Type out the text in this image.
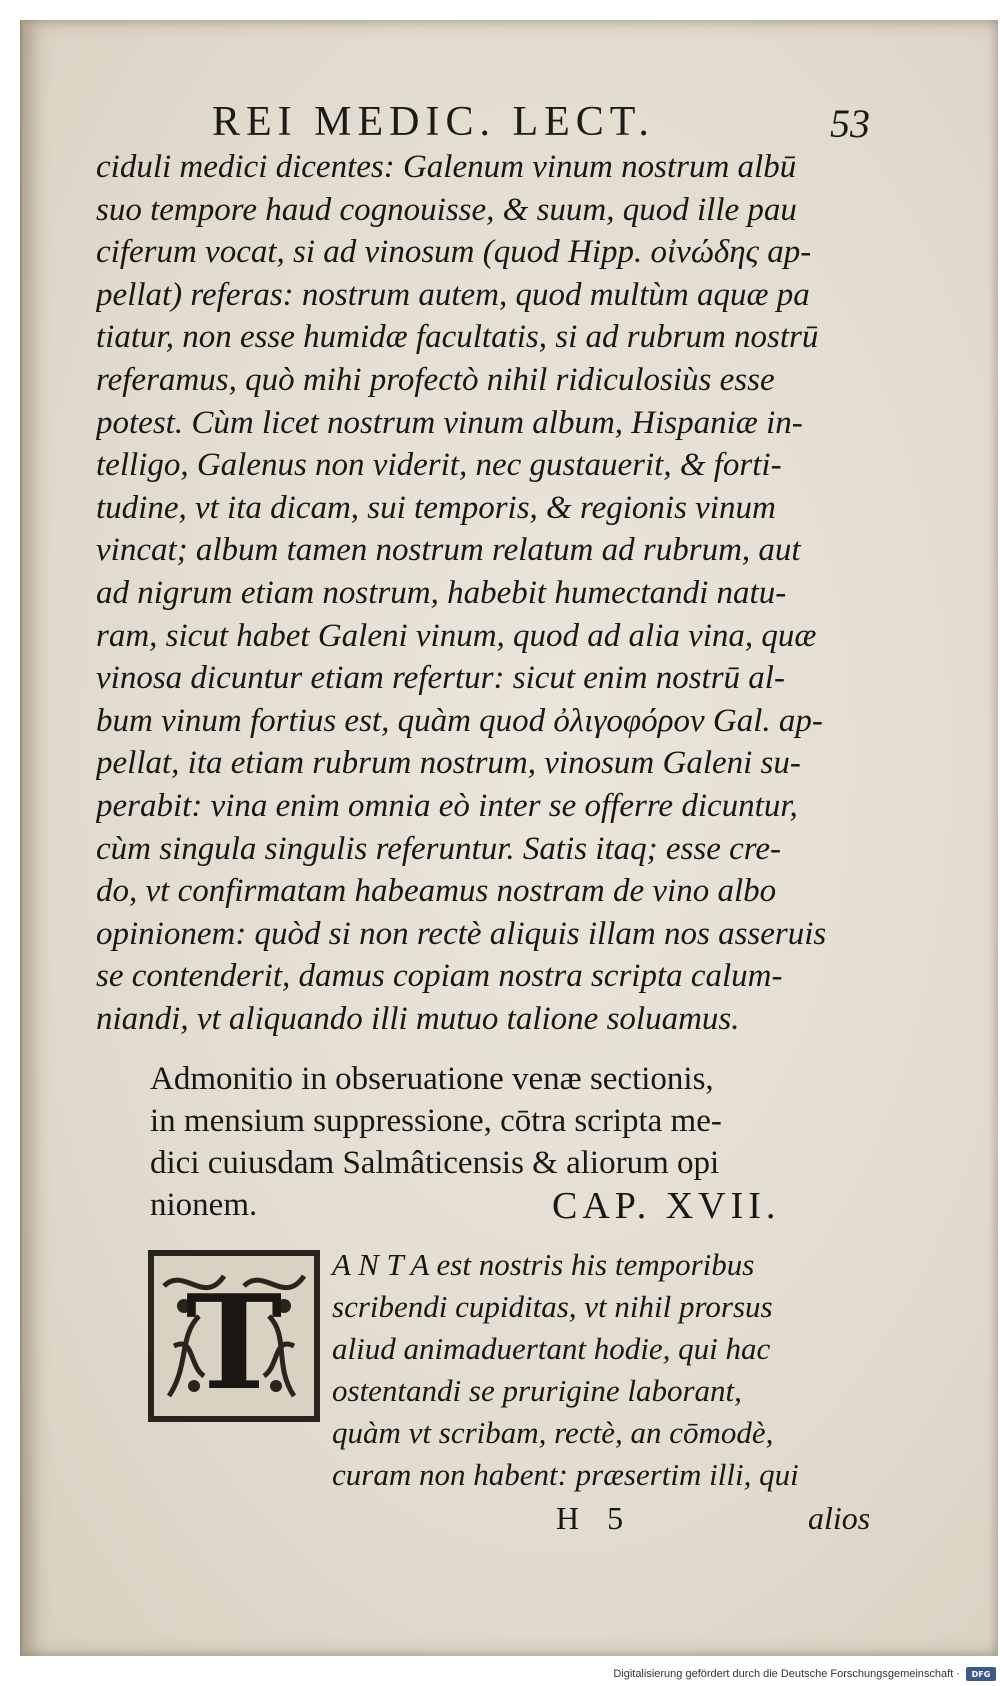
REI MEDIC. LECT.	53
ciduli medici dicentes: Galenum vinum nostrum albū
suo tempore haud cognouisse, & suum, quod ille pau
ciferum vocat, si ad vinosum (quod Hipp. οἰνώδης ap-
pellat) referas: nostrum autem, quod multùm aquæ pa
tiatur, non esse humidæ facultatis, si ad rubrum nostrū
referamus, quò mihi profectò nihil ridiculosiùs esse
potest. Cùm licet nostrum vinum album, Hispaniæ in-
telligo, Galenus non viderit, nec gustauerit, & forti-
tudine, vt ita dicam, sui temporis, & regionis vinum
vincat; album tamen nostrum relatum ad rubrum, aut
ad nigrum etiam nostrum, habebit humectandi natu-
ram, sicut habet Galeni vinum, quod ad alia vina, quæ
vinosa dicuntur etiam refertur: sicut enim nostrū al-
bum vinum fortius est, quàm quod ὀλιγοφόρον Gal. ap-
pellat, ita etiam rubrum nostrum, vinosum Galeni su-
perabit: vina enim omnia eò inter se offerre dicuntur,
cùm singula singulis referuntur. Satis itaq; esse cre-
do, vt confirmatam habeamus nostram de vino albo
opinionem: quòd si non rectè aliquis illam nos asseruis
se contenderit, damus copiam nostra scripta calum-
niandi, vt aliquando illi mutuo talione soluamus.
Admonitio in obseruatione venæ sectionis,
in mensium suppressione, cōtra scripta me-
dici cuiusdam Salmâticensis & aliorum opi
nionem.	CAP. XVII.
T
A N T A est nostris his temporibus
scribendi cupiditas, vt nihil prorsus
aliud animaduertant hodie, qui hac
ostentandi se prurigine laborant,
quàm vt scribam, rectè, an cōmodè,
curam non habent: præsertim illi, qui
H 5	alios
Digitalisierung gefördert durch die Deutsche Forschungsgemeinschaft ·	DFG
